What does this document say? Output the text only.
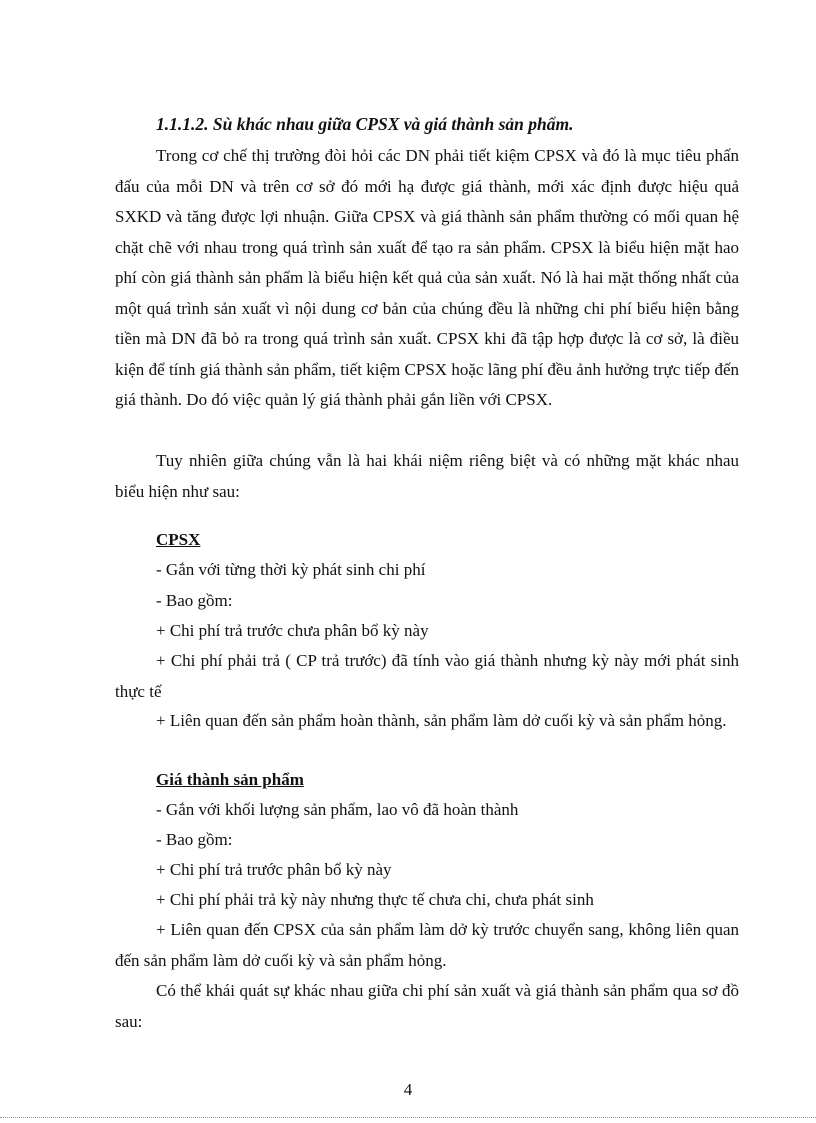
1.1.1.2. Sù khác nhau giữa CPSX và giá thành sản phẩm.

Trong cơ chế thị trường đòi hỏi các DN phải tiết kiệm CPSX và đó là mục tiêu phấn đấu của mỗi DN và trên cơ sở đó mới hạ được giá thành, mới xác định được hiệu quả SXKD và tăng được lợi nhuận. Giữa CPSX và giá thành sản phẩm thường có mối quan hệ chặt chẽ với nhau trong quá trình sản xuất để tạo ra sản phẩm. CPSX là biểu hiện mặt hao phí còn giá thành sản phẩm là biểu hiện kết quả của sản xuất. Nó là hai mặt thống nhất của một quá trình sản xuất vì nội dung cơ bản của chúng đều là những chi phí biểu hiện bằng tiền mà DN đã bỏ ra trong quá trình sản xuất. CPSX khi đã tập hợp được là cơ sở, là điều kiện để tính giá thành sản phẩm, tiết kiệm CPSX hoặc lãng phí đều ảnh hưởng trực tiếp đến giá thành. Do đó việc quản lý giá thành phải gắn liền với CPSX.

Tuy nhiên giữa chúng vẫn là hai khái niệm riêng biệt và có những mặt khác nhau biểu hiện như sau:

CPSX

- Gắn với từng thời kỳ phát sinh chi phí

- Bao gồm:

+ Chi phí trả trước chưa phân bổ kỳ này

+ Chi phí phải trả ( CP trả trước) đã tính vào giá thành nhưng kỳ này mới phát sinh thực tế

+ Liên quan đến sản phẩm hoàn thành, sản phẩm làm dở cuối kỳ và sản phẩm hỏng.

Giá thành sản phẩm

- Gắn với khối lượng sản phẩm, lao vô đã hoàn thành

- Bao gồm:

+ Chi phí trả trước phân bổ kỳ này

+ Chi phí phải trả kỳ này nhưng thực tế chưa chi, chưa phát sinh

+ Liên quan đến CPSX của sản phẩm làm dở kỳ trước chuyển sang, không liên quan đến sản phẩm làm dở cuối kỳ và sản phẩm hỏng.

Có thể khái quát sự khác nhau giữa chi phí sản xuất và giá thành sản phẩm qua sơ đồ sau:

4
